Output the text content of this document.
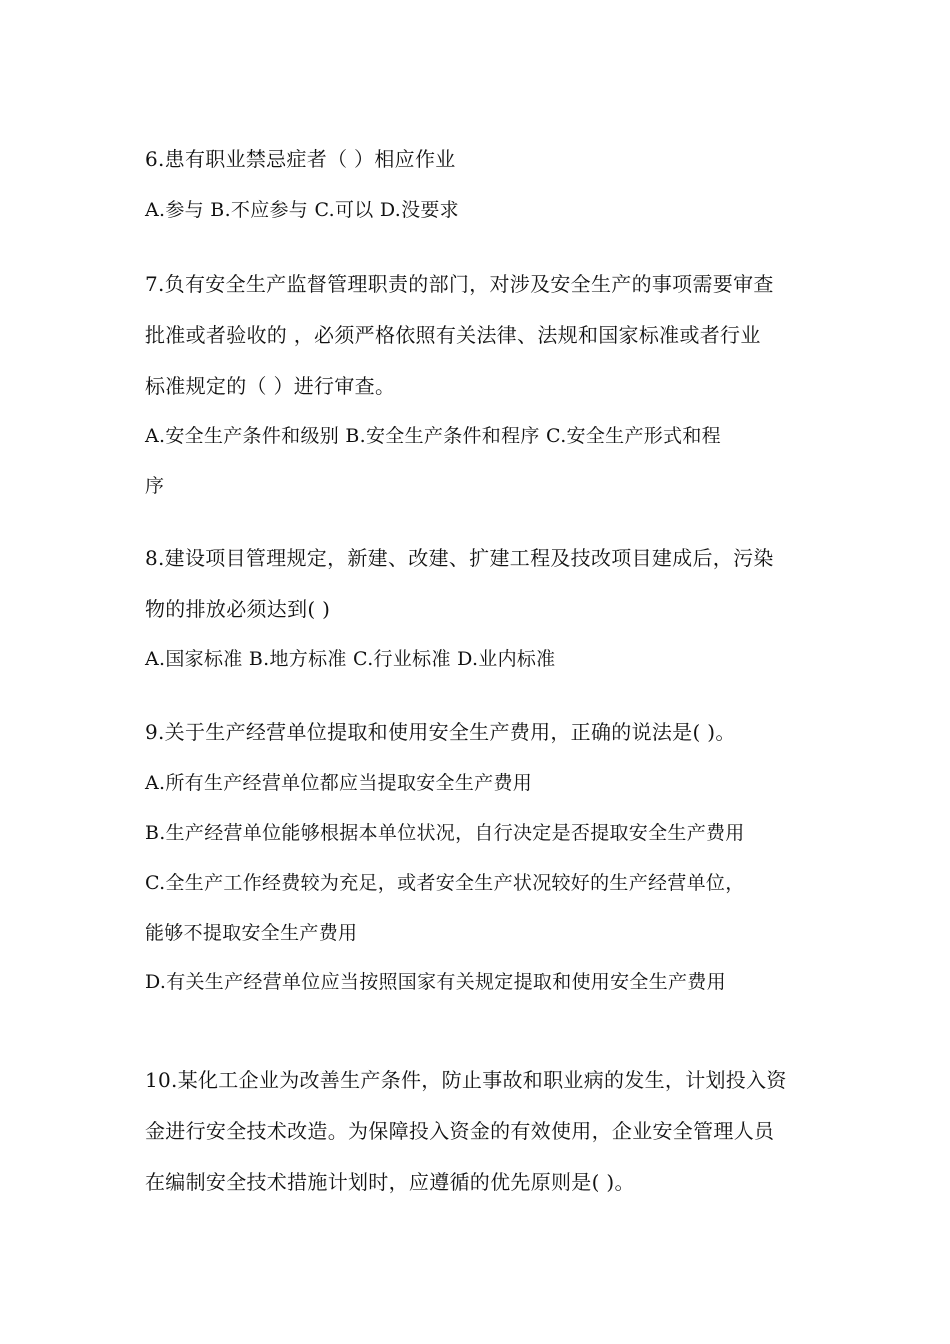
6.患有职业禁忌症者（ ）相应作业
A.参与 B.不应参与 C.可以 D.没要求
7.负有安全生产监督管理职责的部门，对涉及安全生产的事项需要审查
批准或者验收的 ，必须严格依照有关法律、法规和国家标准或者行业
标准规定的（ ）进行审查。
A.安全生产条件和级别 B.安全生产条件和程序 C.安全生产形式和程
序
8.建设项目管理规定，新建、改建、扩建工程及技改项目建成后，污染
物的排放必须达到( )
A.国家标准 B.地方标准 C.行业标准 D.业内标准
9.关于生产经营单位提取和使用安全生产费用，正确的说法是( )。
A.所有生产经营单位都应当提取安全生产费用
B.生产经营单位能够根据本单位状况，自行决定是否提取安全生产费用
C.全生产工作经费较为充足，或者安全生产状况较好的生产经营单位，
能够不提取安全生产费用
D.有关生产经营单位应当按照国家有关规定提取和使用安全生产费用
10.某化工企业为改善生产条件，防止事故和职业病的发生，计划投入资
金进行安全技术改造。为保障投入资金的有效使用，企业安全管理人员
在编制安全技术措施计划时，应遵循的优先原则是( )。
